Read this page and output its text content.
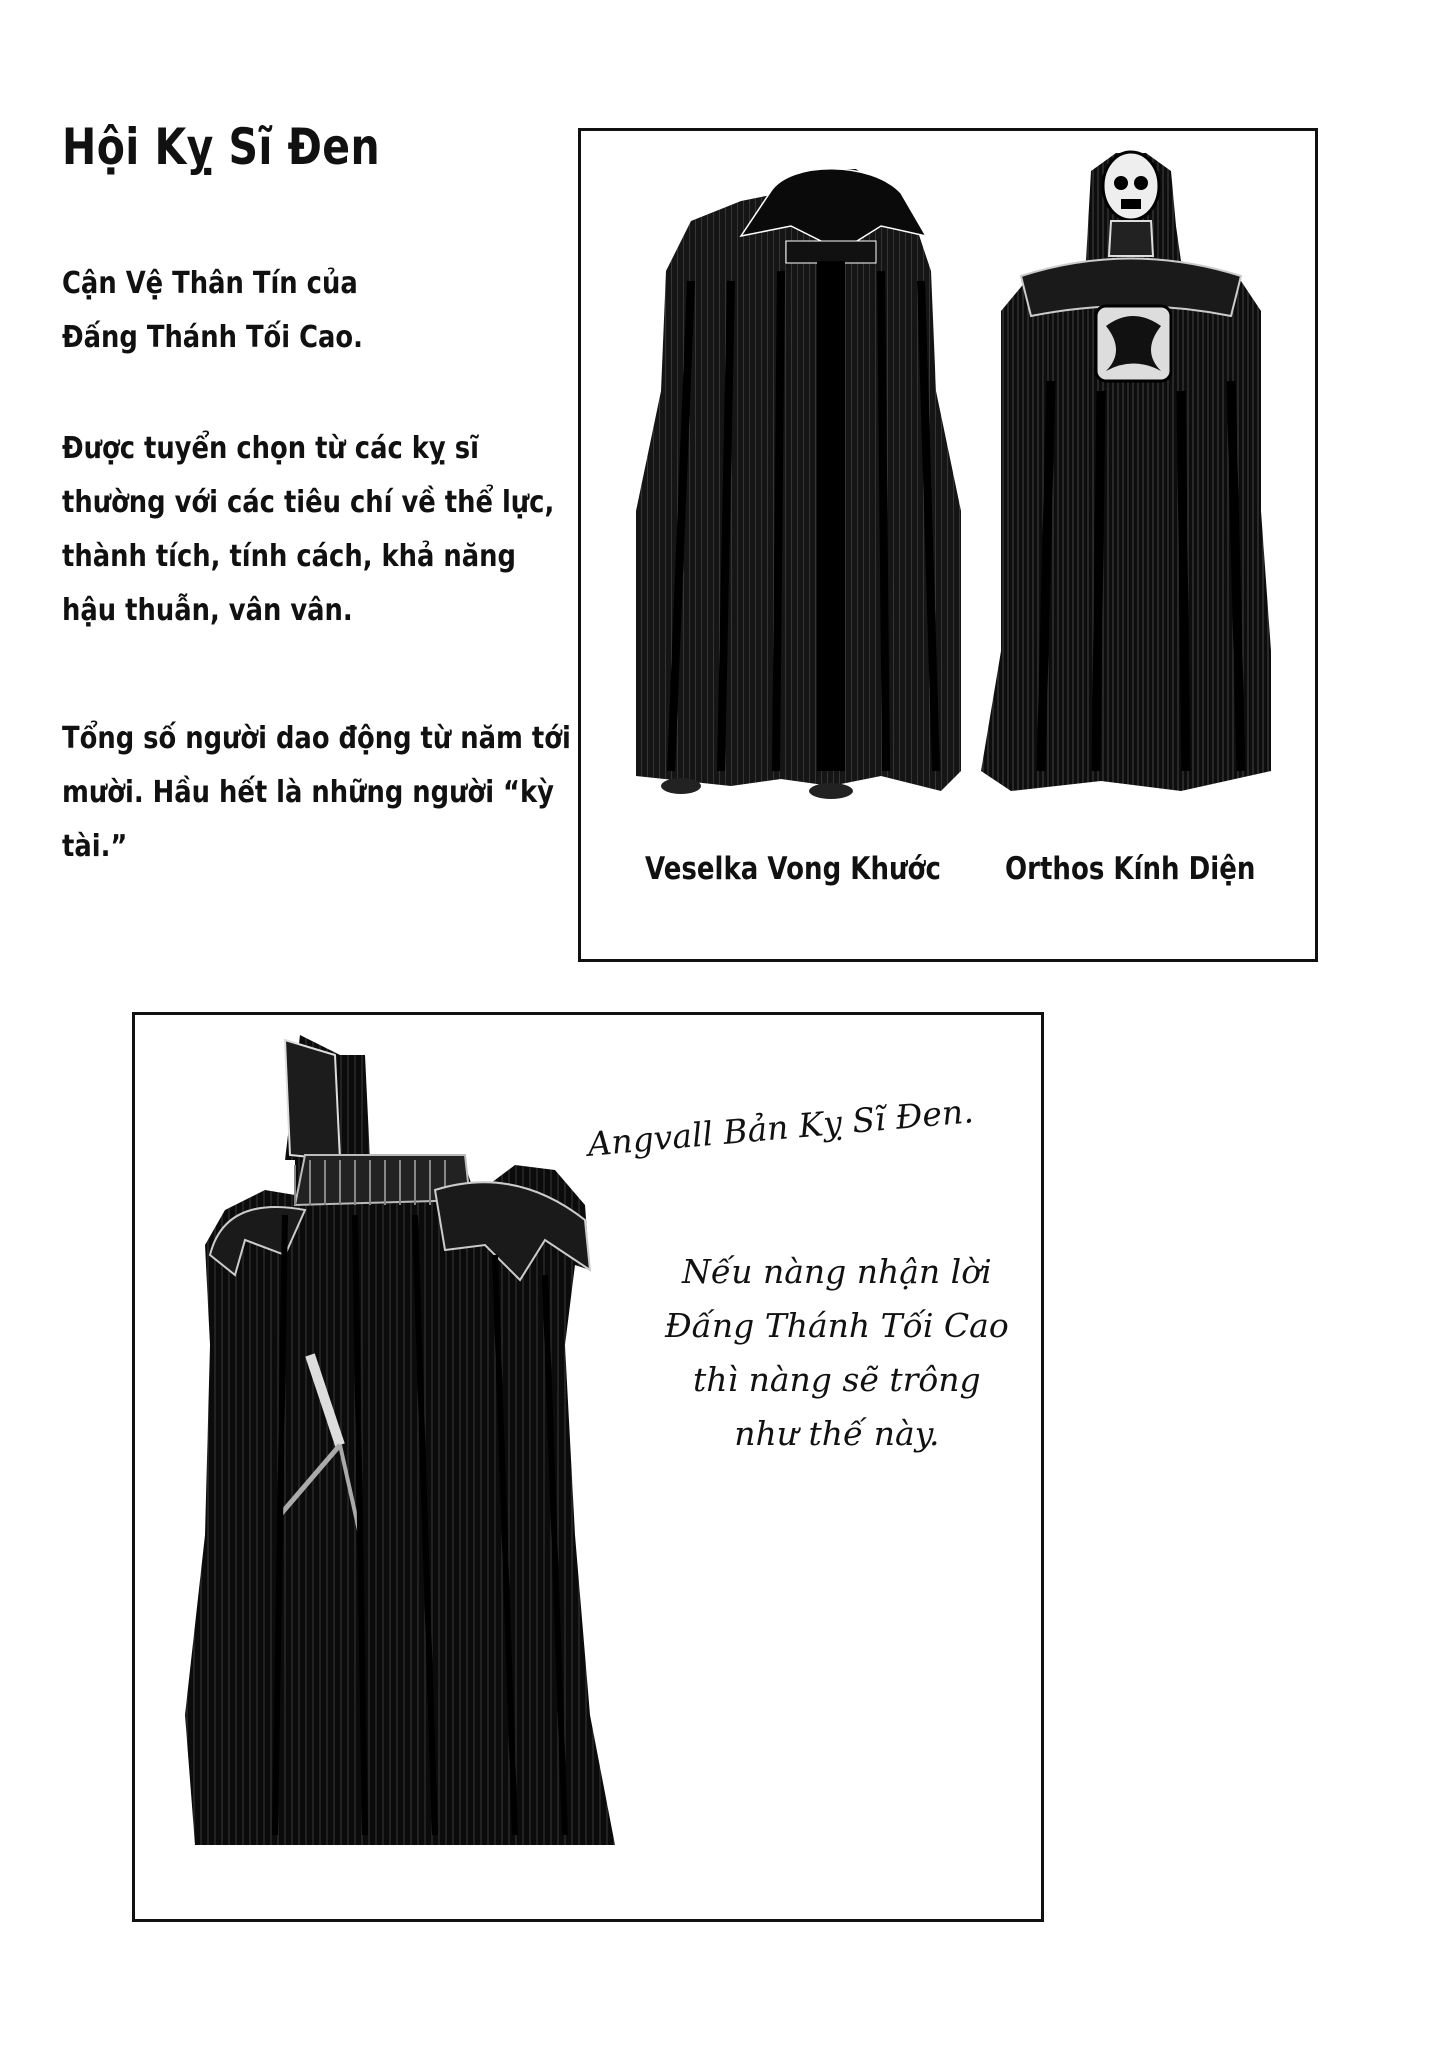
Hội Kỵ Sĩ Đen
Cận Vệ Thân Tín của
Đấng Thánh Tối Cao.
Được tuyển chọn từ các kỵ sĩ
thường với các tiêu chí về thể lực,
thành tích, tính cách, khả năng
hậu thuẫn, vân vân.
Tổng số người dao động từ năm tới
mười. Hầu hết là những người “kỳ
tài.”
Veselka Vong Khước Orthos Kính Diện
Angvall Bản Kỵ Sĩ Đen.
Nếu nàng nhận lời
Đấng Thánh Tối Cao
thì nàng sẽ trông
như thế này.
